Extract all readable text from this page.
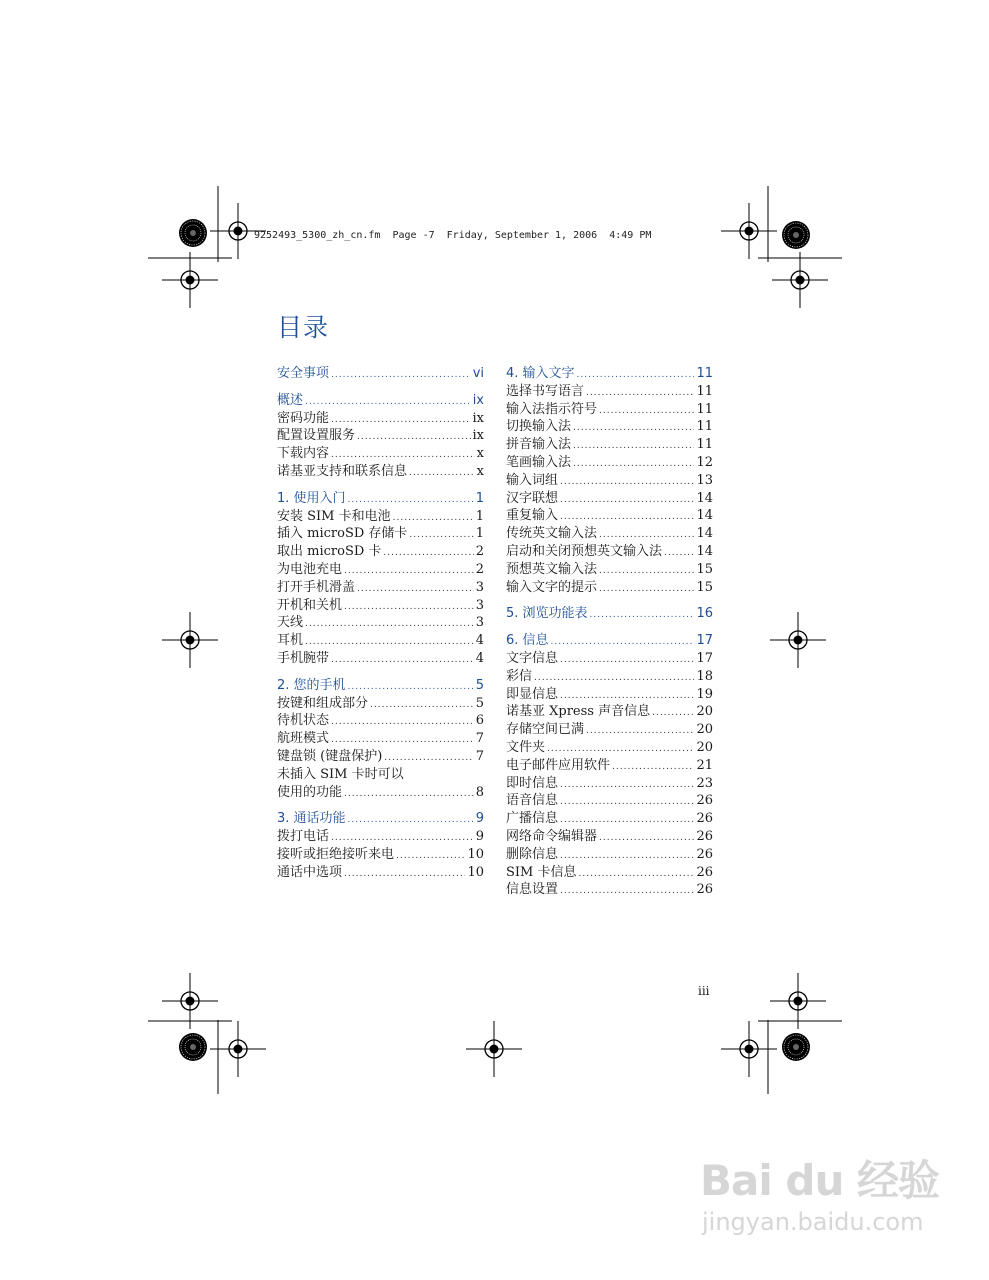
9252493_5300_zh_cn.fm  Page -7  Friday, September 1, 2006  4:49 PM
目录
安全事项 .....	vi
概述 .....	ix
密码功能 .....	ix
配置设置服务 .....	ix
下载内容 .....	x
诺基亚支持和联系信息 .....	x
1. 使用入门 .....	1
安装 SIM 卡和电池 .....	1
插入 microSD 存储卡 .....	1
取出 microSD 卡 .....	2
为电池充电 .....	2
打开手机滑盖 .....	3
开机和关机 .....	3
天线 .....	3
耳机 .....	4
手机腕带 .....	4
2. 您的手机 .....	5
按键和组成部分 .....	5
待机状态 .....	6
航班模式 .....	7
键盘锁 (键盘保护) .....	7
未插入 SIM 卡时可以
使用的功能 .....	8
3. 通话功能 .....	9
拨打电话 .....	9
接听或拒绝接听来电 .....	10
通话中选项 .....	10
4. 输入文字 .....	11
选择书写语言 .....	11
输入法指示符号 .....	11
切换输入法 .....	11
拼音输入法 .....	11
笔画输入法 .....	12
输入词组 .....	13
汉字联想 .....	14
重复输入 .....	14
传统英文输入法 .....	14
启动和关闭预想英文输入法 .....	14
预想英文输入法 .....	15
输入文字的提示 .....	15
5. 浏览功能表 .....	16
6. 信息 .....	17
文字信息 .....	17
彩信 .....	18
即显信息 .....	19
诺基亚 Xpress 声音信息 .....	20
存储空间已满 .....	20
文件夹 .....	20
电子邮件应用软件 .....	21
即时信息 .....	23
语音信息 .....	26
广播信息 .....	26
网络命令编辑器 .....	26
删除信息 .....	26
SIM 卡信息 .....	26
信息设置 .....	26
iii
Bai du 经验
jingyan.baidu.com
